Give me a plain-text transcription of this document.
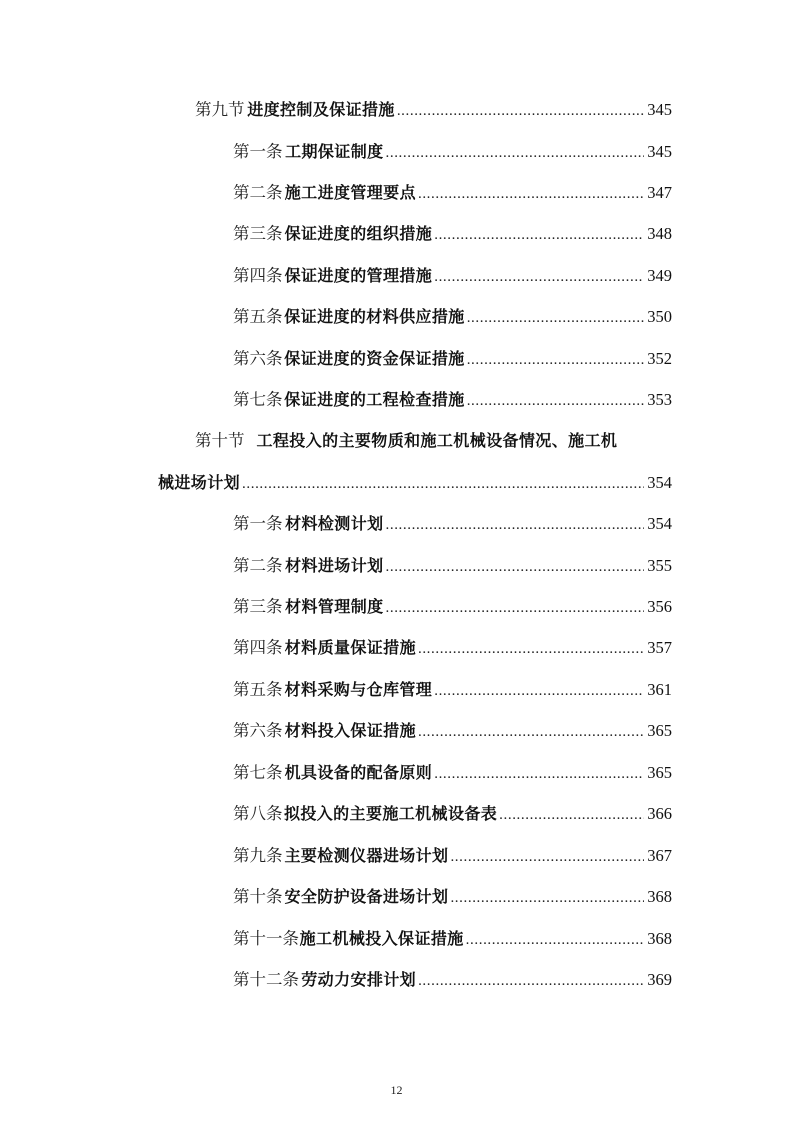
第九节 进度控制及保证措施 .....	345
第一条 工期保证制度 .....	345
第二条 施工进度管理要点 .....	347
第三条 保证进度的组织措施 .....	348
第四条 保证进度的管理措施 .....	349
第五条 保证进度的材料供应措施 .....	350
第六条 保证进度的资金保证措施 .....	352
第七条 保证进度的工程检查措施 .....	353
第十节 工程投入的主要物质和施工机械设备情况、施工机
械进场计划 .....	354
第一条 材料检测计划 .....	354
第二条 材料进场计划 .....	355
第三条 材料管理制度 .....	356
第四条 材料质量保证措施 .....	357
第五条 材料采购与仓库管理 .....	361
第六条 材料投入保证措施 .....	365
第七条 机具设备的配备原则 .....	365
第八条 拟投入的主要施工机械设备表 .....	366
第九条 主要检测仪器进场计划 .....	367
第十条 安全防护设备进场计划 .....	368
第十一条 施工机械投入保证措施 .....	368
第十二条 劳动力安排计划 .....	369
12
